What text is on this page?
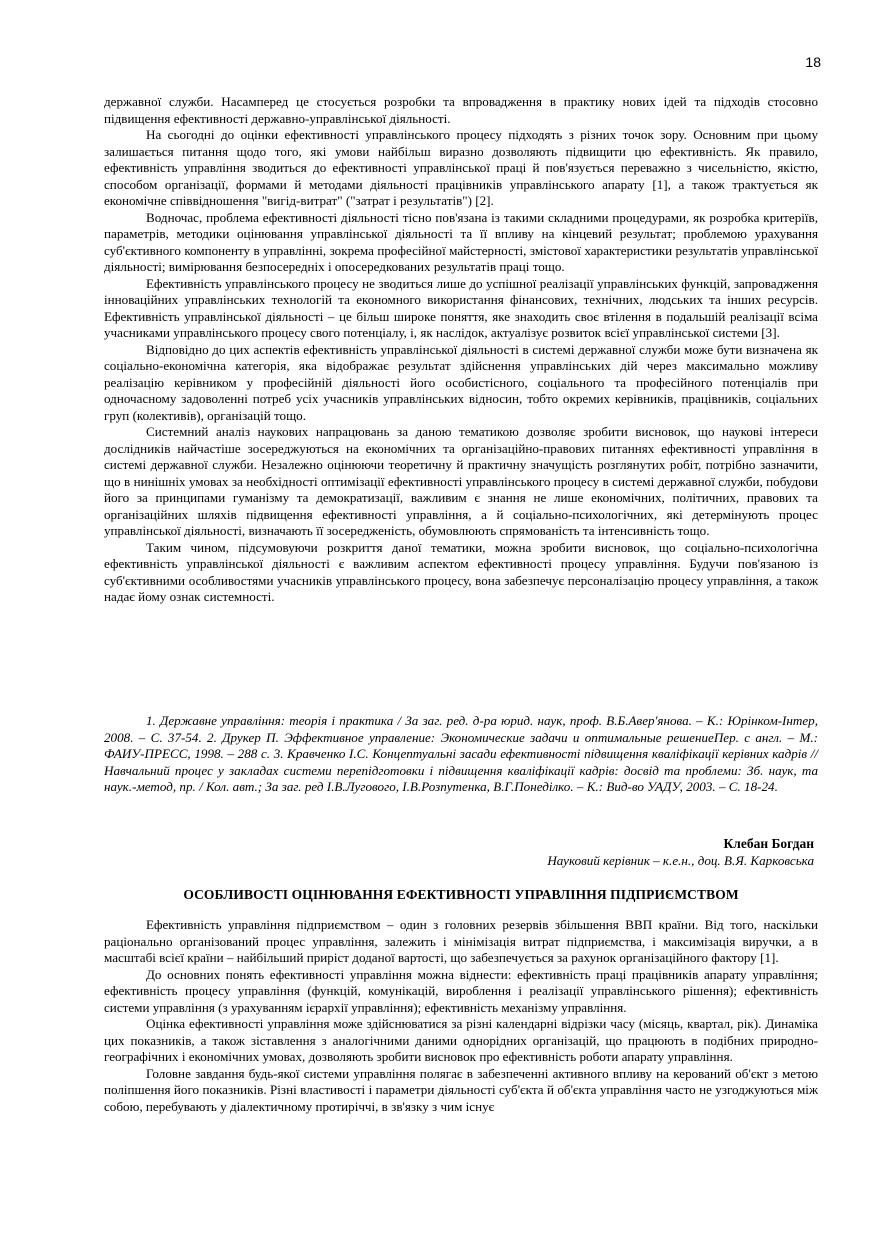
18

державної служби. Насамперед це стосується розробки та впровадження в практику нових ідей та підходів стосовно підвищення ефективності державно-управлінської діяльності.

На сьогодні до оцінки ефективності управлінського процесу підходять з різних точок зору. Основним при цьому залишається питання щодо того, які умови найбільш виразно дозволяють підвищити цю ефективність. Як правило, ефективність управління зводиться до ефективності управлінської праці й пов'язується переважно з чисельністю, якістю, способом організації, формами й методами діяльності працівників управлінського апарату [1], а також трактується як економічне співвідношення "вигід-витрат" ("затрат і результатів") [2].

Водночас, проблема ефективності діяльності тісно пов'язана із такими складними процедурами, як розробка критеріїв, параметрів, методики оцінювання управлінської діяльності та її впливу на кінцевий результат; проблемою урахування суб'єктивного компоненту в управлінні, зокрема професійної майстерності, змістової характеристики результатів управлінської діяльності; вимірювання безпосередніх і опосередкованих результатів праці тощо.

Ефективність управлінського процесу не зводиться лише до успішної реалізації управлінських функцій, запровадження інноваційних управлінських технологій та економного використання фінансових, технічних, людських та інших ресурсів. Ефективність управлінської діяльності – це більш широке поняття, яке знаходить своє втілення в подальшій реалізації всіма учасниками управлінського процесу свого потенціалу, і, як наслідок, актуалізує розвиток всієї управлінської системи [3].

Відповідно до цих аспектів ефективність управлінської діяльності в системі державної служби може бути визначена як соціально-економічна категорія, яка відображає результат здійснення управлінських дій через максимально можливу реалізацію керівником у професійній діяльності його особистісного, соціального та професійного потенціалів при одночасному задоволенні потреб усіх учасників управлінських відносин, тобто окремих керівників, працівників, соціальних груп (колективів), організацій тощо.

Системний аналіз наукових напрацювань за даною тематикою дозволяє зробити висновок, що наукові інтереси дослідників найчастіше зосереджуються на економічних та організаційно-правових питаннях ефективності управління в системі державної служби. Незалежно оцінюючи теоретичну й практичну значущість розглянутих робіт, потрібно зазначити, що в нинішніх умовах за необхідності оптимізації ефективності управлінського процесу в системі державної служби, побудови його за принципами гуманізму та демократизації, важливим є знання не лише економічних, політичних, правових та організаційних шляхів підвищення ефективності управління, а й соціально-психологічних, які детермінують процес управлінської діяльності, визначають її зосередженість, обумовлюють спрямованість та інтенсивність тощо.

Таким чином, підсумовуючи розкриття даної тематики, можна зробити висновок, що соціально-психологічна ефективність управлінської діяльності є важливим аспектом ефективності процесу управління. Будучи пов'язаною із суб'єктивними особливостями учасників управлінського процесу, вона забезпечує персоналізацію процесу управління, а також надає йому ознак системності.

1. Державне управління: теорія і практика / За заг. ред. д-ра юрид. наук, проф. В.Б.Авер'янова. – К.: Юрінком-Інтер, 2008. – С. 37-54. 2. Друкер П. Эффективное управление: Экономические задачи и оптимальные решениеПер. с англ. – М.: ФАИУ-ПРЕСС, 1998. – 288 с. 3. Кравченко І.С. Концептуальні засади ефективності підвищення кваліфікації керівних кадрів // Навчальний процес у закладах системи перепідготовки і підвищення кваліфікації кадрів: досвід та проблеми: Зб. наук, та наук.-метод, пр. / Кол. авт.; За заг. ред І.В.Лугового, І.В.Розпутенка, В.Г.Понеділко. – К.: Вид-во УАДУ, 2003. – С. 18-24.

Клебан Богдан
Науковий керівник – к.е.н., доц. В.Я. Карковська
ОСОБЛИВОСТІ ОЦІНЮВАННЯ ЕФЕКТИВНОСТІ УПРАВЛІННЯ ПІДПРИЄМСТВОМ

Ефективність управління підприємством – один з головних резервів збільшення ВВП країни. Від того, наскільки раціонально організований процес управління, залежить і мінімізація витрат підприємства, і максимізація виручки, а в масштабі всієї країни – найбільший приріст доданої вартості, що забезпечується за рахунок організаційного фактору [1].

До основних понять ефективності управління можна віднести: ефективність праці працівників апарату управління; ефективність процесу управління (функцій, комунікацій, вироблення і реалізації управлінського рішення); ефективність системи управління (з урахуванням ієрархії управління); ефективність механізму управління.

Оцінка ефективності управління може здійснюватися за різні календарні відрізки часу (місяць, квартал, рік). Динаміка цих показників, а також зіставлення з аналогічними даними однорідних організацій, що працюють в подібних природно-географічних і економічних умовах, дозволяють зробити висновок про ефективність роботи апарату управління.

Головне завдання будь-якої системи управління полягає в забезпеченні активного впливу на керований об'єкт з метою поліпшення його показників. Різні властивості і параметри діяльності суб'єкта й об'єкта управління часто не узгоджуються між собою, перебувають у діалектичному протиріччі, в зв'язку з чим існує
